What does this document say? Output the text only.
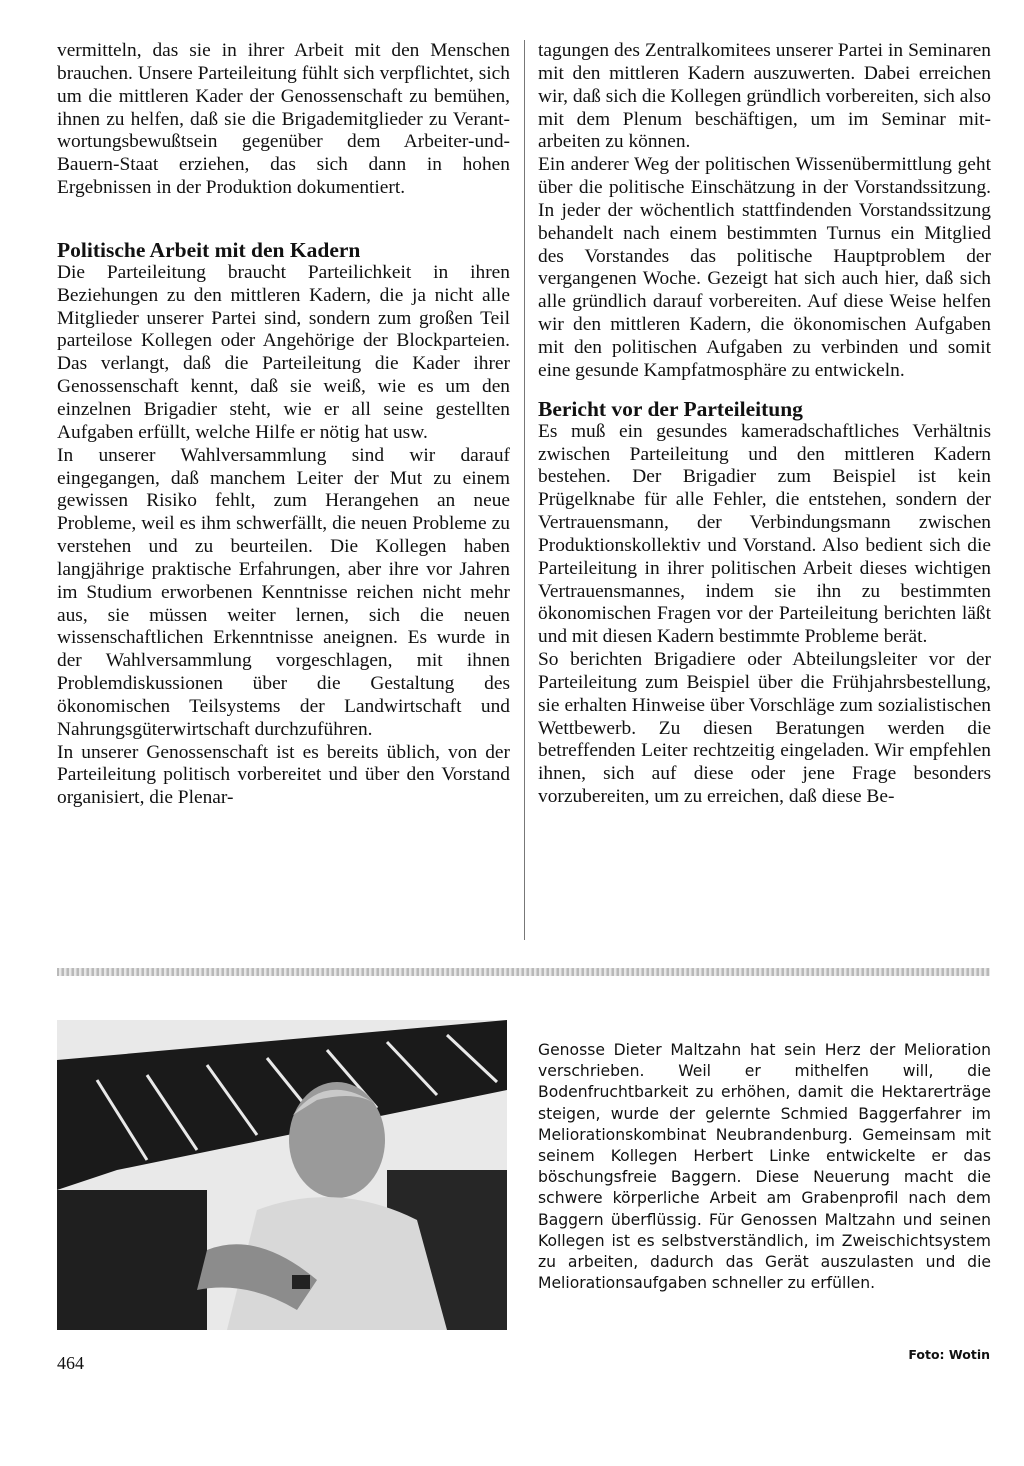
vermitteln, das sie in ihrer Arbeit mit den Menschen brauchen. Unsere Parteileitung fühlt sich verpflichtet, sich um die mittleren Kader der Genossenschaft zu bemühen, ihnen zu helfen, daß sie die Brigademitglieder zu Verantwortungsbewußtsein gegenüber dem Arbeiter-und-Bauern-Staat erziehen, das sich dann in hohen Ergebnissen in der Produktion dokumentiert.

Politische Arbeit mit den Kadern

Die Parteileitung braucht Parteilichkeit in ihren Beziehungen zu den mittleren Kadern, die ja nicht alle Mitglieder unserer Partei sind, sondern zum großen Teil parteilose Kollegen oder Angehörige der Blockparteien. Das verlangt, daß die Parteileitung die Kader ihrer Genossenschaft kennt, daß sie weiß, wie es um den einzelnen Brigadier steht, wie er all seine gestellten Aufgaben erfüllt, welche Hilfe er nötig hat usw.

In unserer Wahlversammlung sind wir darauf eingegangen, daß manchem Leiter der Mut zu einem gewissen Risiko fehlt, zum Herangehen an neue Probleme, weil es ihm schwerfällt, die neuen Probleme zu verstehen und zu beurteilen. Die Kollegen haben langjährige praktische Erfahrungen, aber ihre vor Jahren im Studium erworbenen Kenntnisse reichen nicht mehr aus, sie müssen weiter lernen, sich die neuen wissenschaftlichen Erkenntnisse aneignen. Es wurde in der Wahlversammlung vorgeschlagen, mit ihnen Problemdiskussionen über die Gestaltung des ökonomischen Teilsystems der Landwirtschaft und Nahrungsgüterwirtschaft durchzuführen.

In unserer Genossenschaft ist es bereits üblich, von der Parteileitung politisch vorbereitet und über den Vorstand organisiert, die Plenar-

tagungen des Zentralkomitees unserer Partei in Seminaren mit den mittleren Kadern auszuwerten. Dabei erreichen wir, daß sich die Kollegen gründlich vorbereiten, sich also mit dem Plenum beschäftigen, um im Seminar mitarbeiten zu können.

Ein anderer Weg der politischen Wissenübermittlung geht über die politische Einschätzung in der Vorstandssitzung. In jeder der wöchentlich stattfindenden Vorstandssitzung behandelt nach einem bestimmten Turnus ein Mitglied des Vorstandes das politische Hauptproblem der vergangenen Woche. Gezeigt hat sich auch hier, daß sich alle gründlich darauf vorbereiten. Auf diese Weise helfen wir den mittleren Kadern, die ökonomischen Aufgaben mit den politischen Aufgaben zu verbinden und somit eine gesunde Kampfatmosphäre zu entwickeln.

Bericht vor der Parteileitung

Es muß ein gesundes kameradschaftliches Verhältnis zwischen Parteileitung und den mittleren Kadern bestehen. Der Brigadier zum Beispiel ist kein Prügelknabe für alle Fehler, die entstehen, sondern der Vertrauensmann, der Verbindungsmann zwischen Produktionskollektiv und Vorstand. Also bedient sich die Parteileitung in ihrer politischen Arbeit dieses wichtigen Vertrauensmannes, indem sie ihn zu bestimmten ökonomischen Fragen vor der Parteileitung berichten läßt und mit diesen Kadern bestimmte Probleme berät.

So berichten Brigadiere oder Abteilungsleiter vor der Parteileitung zum Beispiel über die Frühjahrsbestellung, sie erhalten Hinweise über Vorschläge zum sozialistischen Wettbewerb. Zu diesen Beratungen werden die betreffenden Leiter rechtzeitig eingeladen. Wir empfehlen ihnen, sich auf diese oder jene Frage besonders vorzubereiten, um zu erreichen, daß diese Be-

Genosse Dieter Maltzahn hat sein Herz der Melioration verschrieben. Weil er mithelfen will, die Bodenfruchtbarkeit zu erhöhen, damit die Hektarerträge steigen, wurde der gelernte Schmied Baggerfahrer im Meliorationskombinat Neubrandenburg. Gemeinsam mit seinem Kollegen Herbert Linke entwickelte er das böschungsfreie Baggern. Diese Neuerung macht die schwere körperliche Arbeit am Grabenprofil nach dem Baggern überflüssig. Für Genossen Maltzahn und seinen Kollegen ist es selbstverständlich, im Zweischichtsystem zu arbeiten, dadurch das Gerät auszulasten und die Meliorationsaufgaben schneller zu erfüllen.
Foto: Wotin
464
